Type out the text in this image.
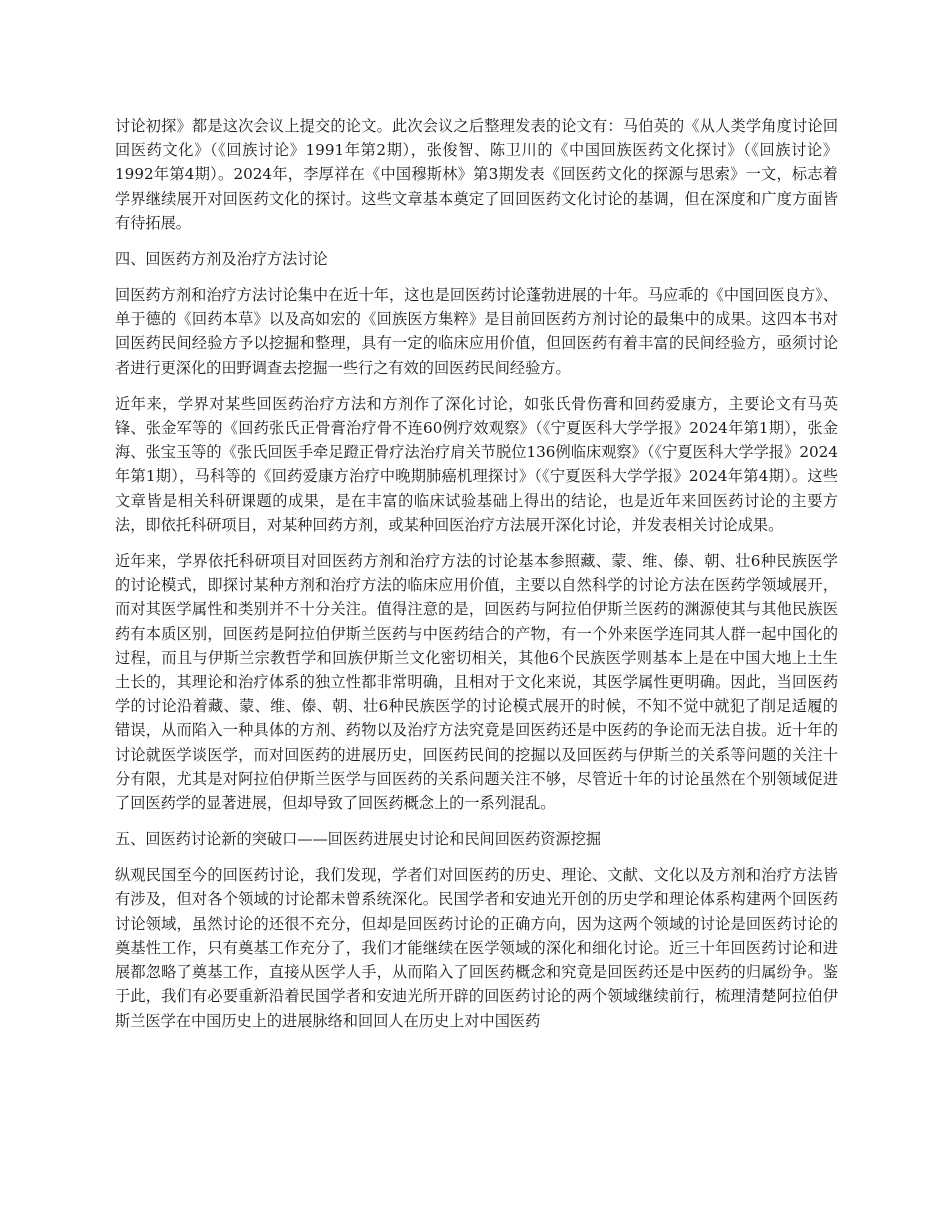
讨论初探》都是这次会议上提交的论文。此次会议之后整理发表的论文有：马伯英的《从人类学角度讨论回回医药文化》（《回族讨论》1991年第2期），张俊智、陈卫川的《中国回族医药文化探讨》（《回族讨论》1992年第4期）。2024年，李厚祥在《中国穆斯林》第3期发表《回医药文化的探源与思索》一文，标志着学界继续展开对回医药文化的探讨。这些文章基本奠定了回回医药文化讨论的基调，但在深度和广度方面皆有待拓展。

四、回医药方剂及治疗方法讨论

回医药方剂和治疗方法讨论集中在近十年，这也是回医药讨论蓬勃进展的十年。马应乖的《中国回医良方》、单于德的《回药本草》以及高如宏的《回族医方集粹》是目前回医药方剂讨论的最集中的成果。这四本书对回医药民间经验方予以挖掘和整理，具有一定的临床应用价值，但回医药有着丰富的民间经验方，亟须讨论者进行更深化的田野调查去挖掘一些行之有效的回医药民间经验方。

近年来，学界对某些回医药治疗方法和方剂作了深化讨论，如张氏骨伤膏和回药爱康方，主要论文有马英锋、张金军等的《回药张氏正骨膏治疗骨不连60例疗效观察》（《宁夏医科大学学报》2024年第1期），张金海、张宝玉等的《张氏回医手牵足蹬正骨疗法治疗肩关节脱位136例临床观察》（《宁夏医科大学学报》2024年第1期），马科等的《回药爱康方治疗中晚期肺癌机理探讨》（《宁夏医科大学学报》2024年第4期）。这些文章皆是相关科研课题的成果，是在丰富的临床试验基础上得出的结论，也是近年来回医药讨论的主要方法，即依托科研项目，对某种回药方剂，或某种回医治疗方法展开深化讨论，并发表相关讨论成果。

近年来，学界依托科研项目对回医药方剂和治疗方法的讨论基本参照藏、蒙、维、傣、朝、壮6种民族医学的讨论模式，即探讨某种方剂和治疗方法的临床应用价值，主要以自然科学的讨论方法在医药学领域展开，而对其医学属性和类别并不十分关注。值得注意的是，回医药与阿拉伯伊斯兰医药的渊源使其与其他民族医药有本质区别，回医药是阿拉伯伊斯兰医药与中医药结合的产物，有一个外来医学连同其人群一起中国化的过程，而且与伊斯兰宗教哲学和回族伊斯兰文化密切相关，其他6个民族医学则基本上是在中国大地上土生土长的，其理论和治疗体系的独立性都非常明确，且相对于文化来说，其医学属性更明确。因此，当回医药学的讨论沿着藏、蒙、维、傣、朝、壮6种民族医学的讨论模式展开的时候，不知不觉中就犯了削足适履的错误，从而陷入一种具体的方剂、药物以及治疗方法究竟是回医药还是中医药的争论而无法自拔。近十年的讨论就医学谈医学，而对回医药的进展历史，回医药民间的挖掘以及回医药与伊斯兰的关系等问题的关注十分有限，尤其是对阿拉伯伊斯兰医学与回医药的关系问题关注不够，尽管近十年的讨论虽然在个别领域促进了回医药学的显著进展，但却导致了回医药概念上的一系列混乱。

五、回医药讨论新的突破口——回医药进展史讨论和民间回医药资源挖掘

纵观民国至今的回医药讨论，我们发现，学者们对回医药的历史、理论、文献、文化以及方剂和治疗方法皆有涉及，但对各个领域的讨论都未曾系统深化。民国学者和安迪光开创的历史学和理论体系构建两个回医药讨论领域，虽然讨论的还很不充分，但却是回医药讨论的正确方向，因为这两个领域的讨论是回医药讨论的奠基性工作，只有奠基工作充分了，我们才能继续在医学领域的深化和细化讨论。近三十年回医药讨论和进展都忽略了奠基工作，直接从医学人手，从而陷入了回医药概念和究竟是回医药还是中医药的归属纷争。鉴于此，我们有必要重新沿着民国学者和安迪光所开辟的回医药讨论的两个领域继续前行，梳理清楚阿拉伯伊斯兰医学在中国历史上的进展脉络和回回人在历史上对中国医药
